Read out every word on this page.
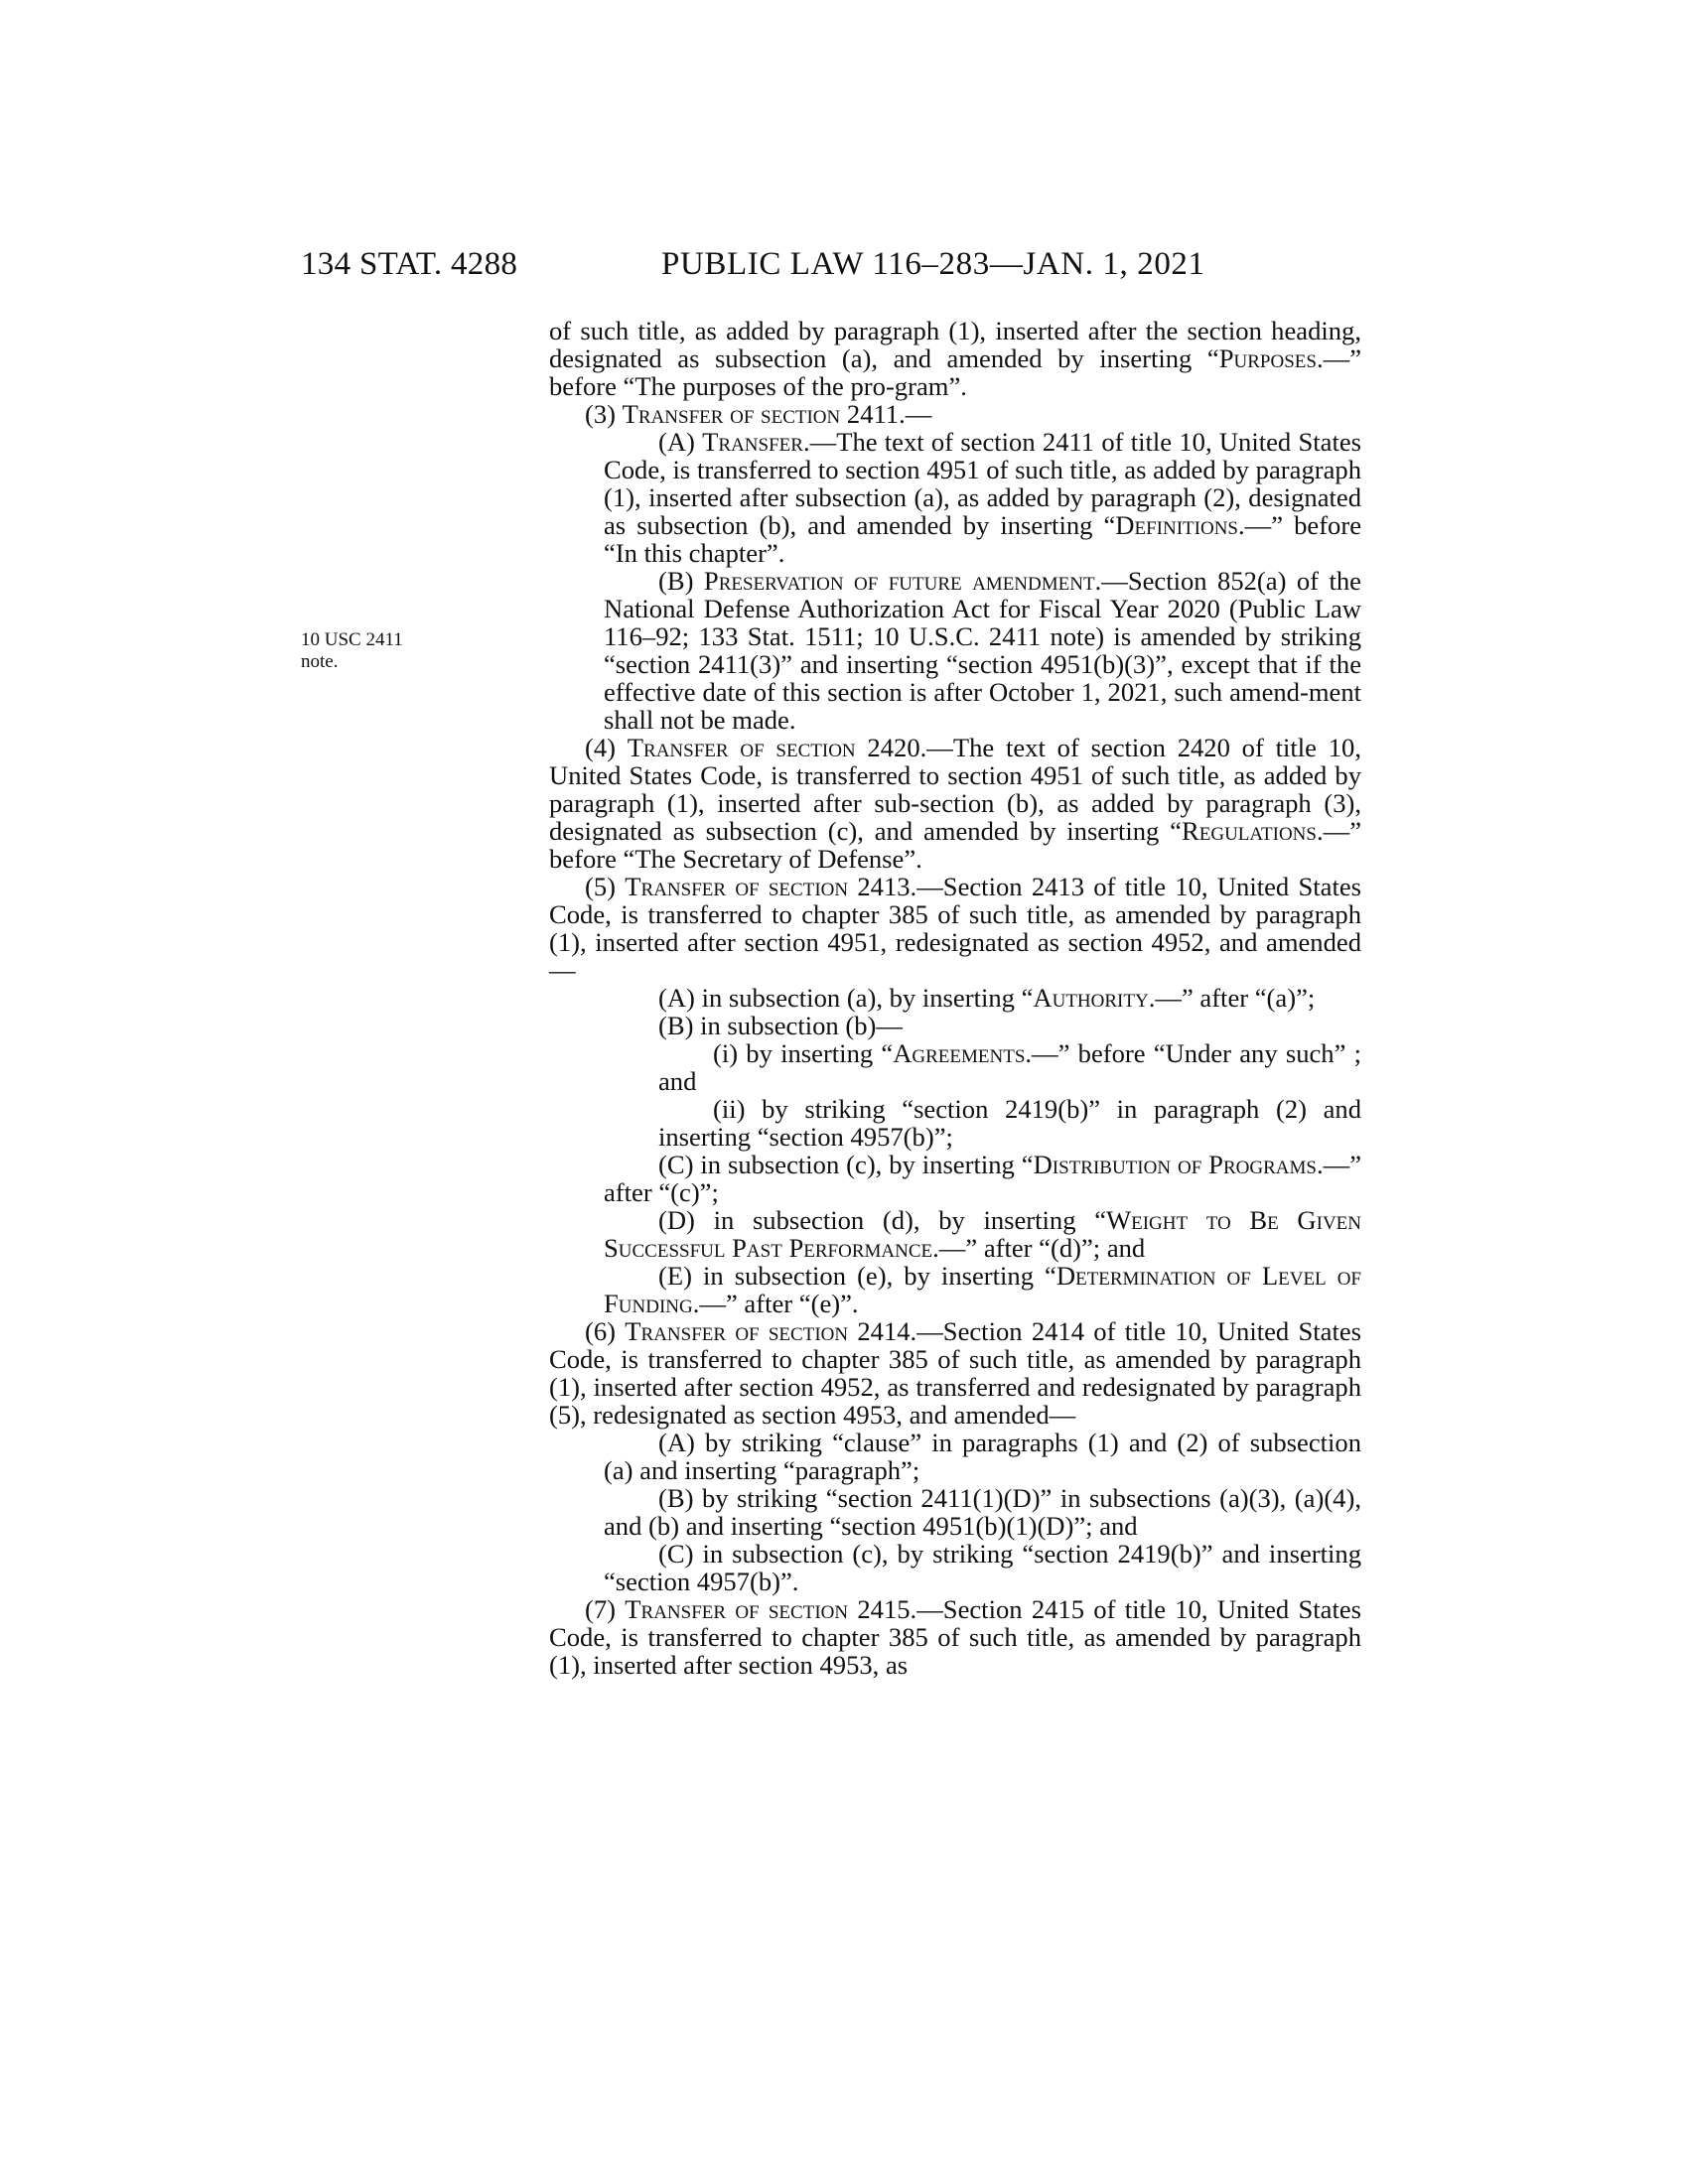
134 STAT. 4288	PUBLIC LAW 116–283—JAN. 1, 2021
10 USC 2411
note.

of such title, as added by paragraph (1), inserted after the section heading, designated as subsection (a), and amended by inserting “Purposes.—” before “The purposes of the pro-gram”.

(3) Transfer of section 2411.—

(A) Transfer.—The text of section 2411 of title 10, United States Code, is transferred to section 4951 of such title, as added by paragraph (1), inserted after subsection (a), as added by paragraph (2), designated as subsection (b), and amended by inserting “Definitions.—” before “In this chapter”.

(B) Preservation of future amendment.—Section 852(a) of the National Defense Authorization Act for Fiscal Year 2020 (Public Law 116–92; 133 Stat. 1511; 10 U.S.C. 2411 note) is amended by striking “section 2411(3)” and inserting “section 4951(b)(3)”, except that if the effective date of this section is after October 1, 2021, such amend-ment shall not be made.

(4) Transfer of section 2420.—The text of section 2420 of title 10, United States Code, is transferred to section 4951 of such title, as added by paragraph (1), inserted after sub-section (b), as added by paragraph (3), designated as subsection (c), and amended by inserting “Regulations.—” before “The Secretary of Defense”.

(5) Transfer of section 2413.—Section 2413 of title 10, United States Code, is transferred to chapter 385 of such title, as amended by paragraph (1), inserted after section 4951, redesignated as section 4952, and amended—

(A) in subsection (a), by inserting “Authority.—” after “(a)”;

(B) in subsection (b)—

(i) by inserting “Agreements.—” before “Under any such” ; and

(ii) by striking “section 2419(b)” in paragraph (2) and inserting “section 4957(b)”;

(C) in subsection (c), by inserting “Distribution of Programs.—” after “(c)”;

(D) in subsection (d), by inserting “Weight to Be Given Successful Past Performance.—” after “(d)”; and

(E) in subsection (e), by inserting “Determination of Level of Funding.—” after “(e)”.

(6) Transfer of section 2414.—Section 2414 of title 10, United States Code, is transferred to chapter 385 of such title, as amended by paragraph (1), inserted after section 4952, as transferred and redesignated by paragraph (5), redesignated as section 4953, and amended—

(A) by striking “clause” in paragraphs (1) and (2) of subsection (a) and inserting “paragraph”;

(B) by striking “section 2411(1)(D)” in subsections (a)(3), (a)(4), and (b) and inserting “section 4951(b)(1)(D)”; and

(C) in subsection (c), by striking “section 2419(b)” and inserting “section 4957(b)”.

(7) Transfer of section 2415.—Section 2415 of title 10, United States Code, is transferred to chapter 385 of such title, as amended by paragraph (1), inserted after section 4953, as
